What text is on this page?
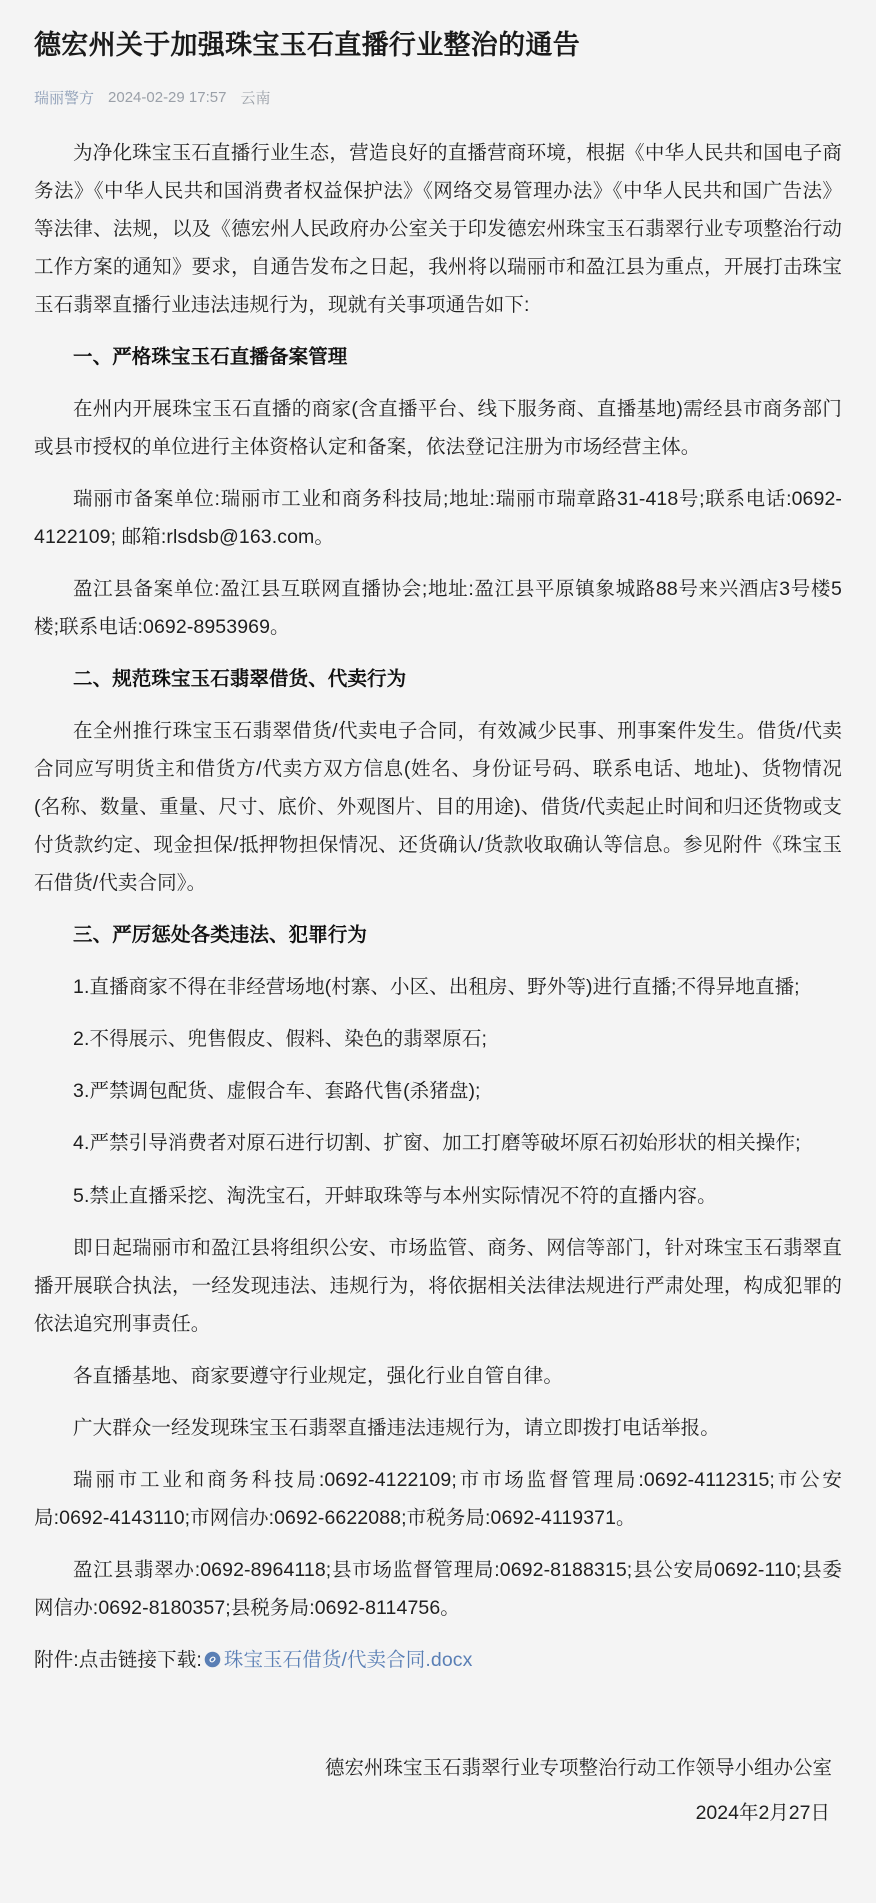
德宏州关于加强珠宝玉石直播行业整治的通告
瑞丽警方 2024-02-29 17:57 云南

为净化珠宝玉石直播行业生态，营造良好的直播营商环境，根据《中华人民共和国电子商务法》《中华人民共和国消费者权益保护法》《网络交易管理办法》《中华人民共和国广告法》等法律、法规，以及《德宏州人民政府办公室关于印发德宏州珠宝玉石翡翠行业专项整治行动工作方案的通知》要求，自通告发布之日起，我州将以瑞丽市和盈江县为重点，开展打击珠宝玉石翡翠直播行业违法违规行为，现就有关事项通告如下:

一、严格珠宝玉石直播备案管理

在州内开展珠宝玉石直播的商家(含直播平台、线下服务商、直播基地)需经县市商务部门或县市授权的单位进行主体资格认定和备案，依法登记注册为市场经营主体。

瑞丽市备案单位:瑞丽市工业和商务科技局;地址:瑞丽市瑞章路31-418号;联系电话:0692-4122109; 邮箱:rlsdsb@163.com。

盈江县备案单位:盈江县互联网直播协会;地址:盈江县平原镇象城路88号来兴酒店3号楼5楼;联系电话:0692-8953969。

二、规范珠宝玉石翡翠借货、代卖行为

在全州推行珠宝玉石翡翠借货/代卖电子合同，有效减少民事、刑事案件发生。借货/代卖合同应写明货主和借货方/代卖方双方信息(姓名、身份证号码、联系电话、地址)、货物情况(名称、数量、重量、尺寸、底价、外观图片、目的用途)、借货/代卖起止时间和归还货物或支付货款约定、现金担保/抵押物担保情况、还货确认/货款收取确认等信息。参见附件《珠宝玉石借货/代卖合同》。

三、严厉惩处各类违法、犯罪行为

1.直播商家不得在非经营场地(村寨、小区、出租房、野外等)进行直播;不得异地直播;

2.不得展示、兜售假皮、假料、染色的翡翠原石;

3.严禁调包配货、虚假合车、套路代售(杀猪盘);

4.严禁引导消费者对原石进行切割、扩窗、加工打磨等破坏原石初始形状的相关操作;

5.禁止直播采挖、淘洗宝石，开蚌取珠等与本州实际情况不符的直播内容。

即日起瑞丽市和盈江县将组织公安、市场监管、商务、网信等部门，针对珠宝玉石翡翠直播开展联合执法，一经发现违法、违规行为，将依据相关法律法规进行严肃处理，构成犯罪的依法追究刑事责任。

各直播基地、商家要遵守行业规定，强化行业自管自律。

广大群众一经发现珠宝玉石翡翠直播违法违规行为，请立即拨打电话举报。

瑞丽市工业和商务科技局:0692-4122109;市市场监督管理局:0692-4112315;市公安局:0692-4143110;市网信办:0692-6622088;市税务局:0692-4119371。

盈江县翡翠办:0692-8964118;县市场监督管理局:0692-8188315;县公安局0692-110;县委网信办:0692-8180357;县税务局:0692-8114756。

附件:点击链接下载: 珠宝玉石借货/代卖合同.docx

德宏州珠宝玉石翡翠行业专项整治行动工作领导小组办公室

2024年2月27日
